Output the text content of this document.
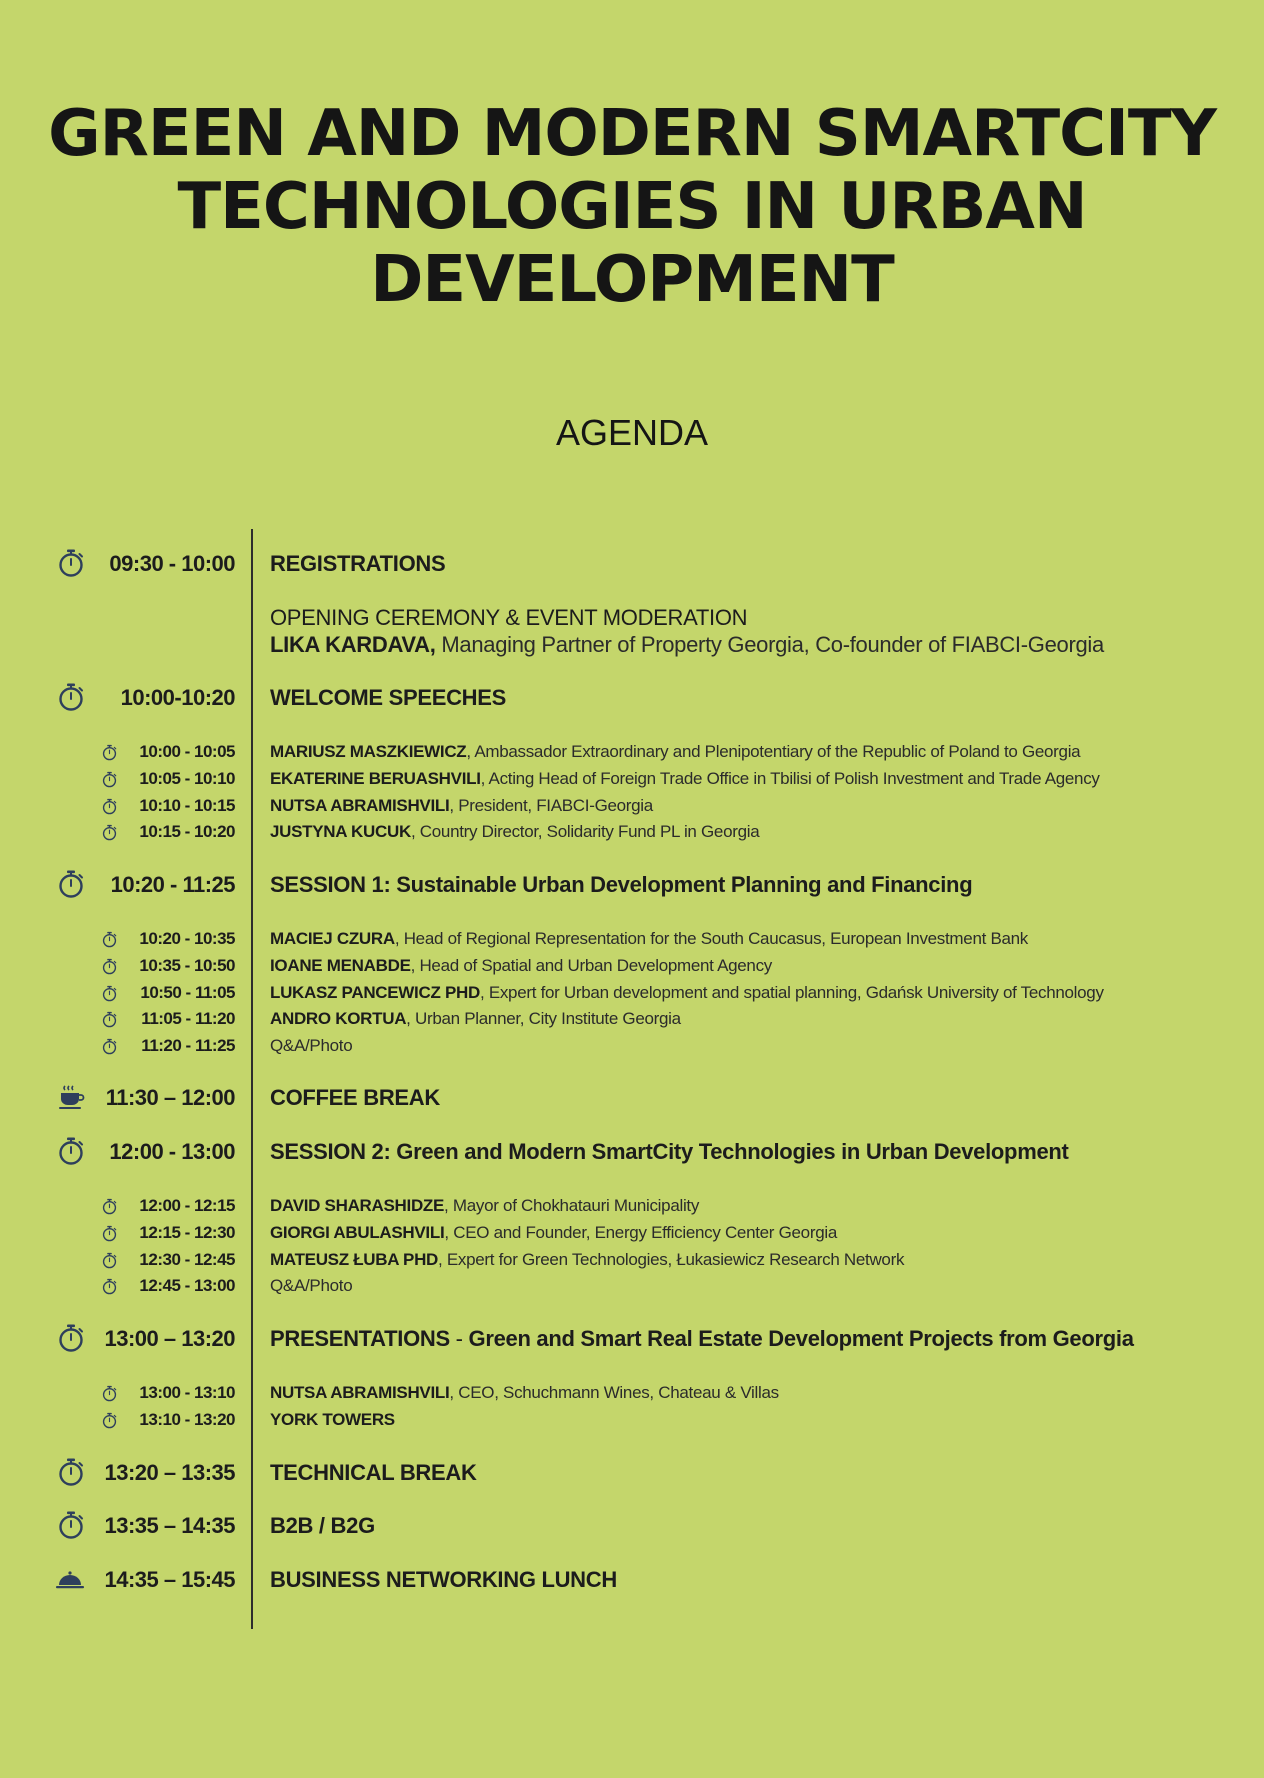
GREEN AND MODERN SMARTCITY
TECHNOLOGIES IN URBAN
DEVELOPMENT
AGENDA
09:30 - 10:00 REGISTRATIONS
OPENING CEREMONY & EVENT MODERATION
LIKA KARDAVA, Managing Partner of Property Georgia, Co-founder of FIABCI-Georgia
10:00-10:20 WELCOME SPEECHES
10:00 - 10:05 MARIUSZ MASZKIEWICZ, Ambassador Extraordinary and Plenipotentiary of the Republic of Poland to Georgia
10:05 - 10:10 EKATERINE BERUASHVILI, Acting Head of Foreign Trade Office in Tbilisi of Polish Investment and Trade Agency
10:10 - 10:15 NUTSA ABRAMISHVILI, President, FIABCI-Georgia
10:15 - 10:20 JUSTYNA KUCUK, Country Director, Solidarity Fund PL in Georgia
10:20 - 11:25 SESSION 1: Sustainable Urban Development Planning and Financing
10:20 - 10:35 MACIEJ CZURA, Head of Regional Representation for the South Caucasus, European Investment Bank
10:35 - 10:50 IOANE MENABDE, Head of Spatial and Urban Development Agency
10:50 - 11:05 LUKASZ PANCEWICZ PHD, Expert for Urban development and spatial planning, Gdańsk University of Technology
11:05 - 11:20 ANDRO KORTUA, Urban Planner, City Institute Georgia
11:20 - 11:25 Q&A/Photo
11:30 – 12:00 COFFEE BREAK
12:00 - 13:00 SESSION 2: Green and Modern SmartCity Technologies in Urban Development
12:00 - 12:15 DAVID SHARASHIDZE, Mayor of Chokhatauri Municipality
12:15 - 12:30 GIORGI ABULASHVILI, CEO and Founder, Energy Efficiency Center Georgia
12:30 - 12:45 MATEUSZ ŁUBA PHD, Expert for Green Technologies, Łukasiewicz Research Network
12:45 - 13:00 Q&A/Photo
13:00 – 13:20 PRESENTATIONS - Green and Smart Real Estate Development Projects from Georgia
13:00 - 13:10 NUTSA ABRAMISHVILI, CEO, Schuchmann Wines, Chateau & Villas
13:10 - 13:20 YORK TOWERS
13:20 – 13:35 TECHNICAL BREAK
13:35 – 14:35 B2B / B2G
14:35 – 15:45 BUSINESS NETWORKING LUNCH
